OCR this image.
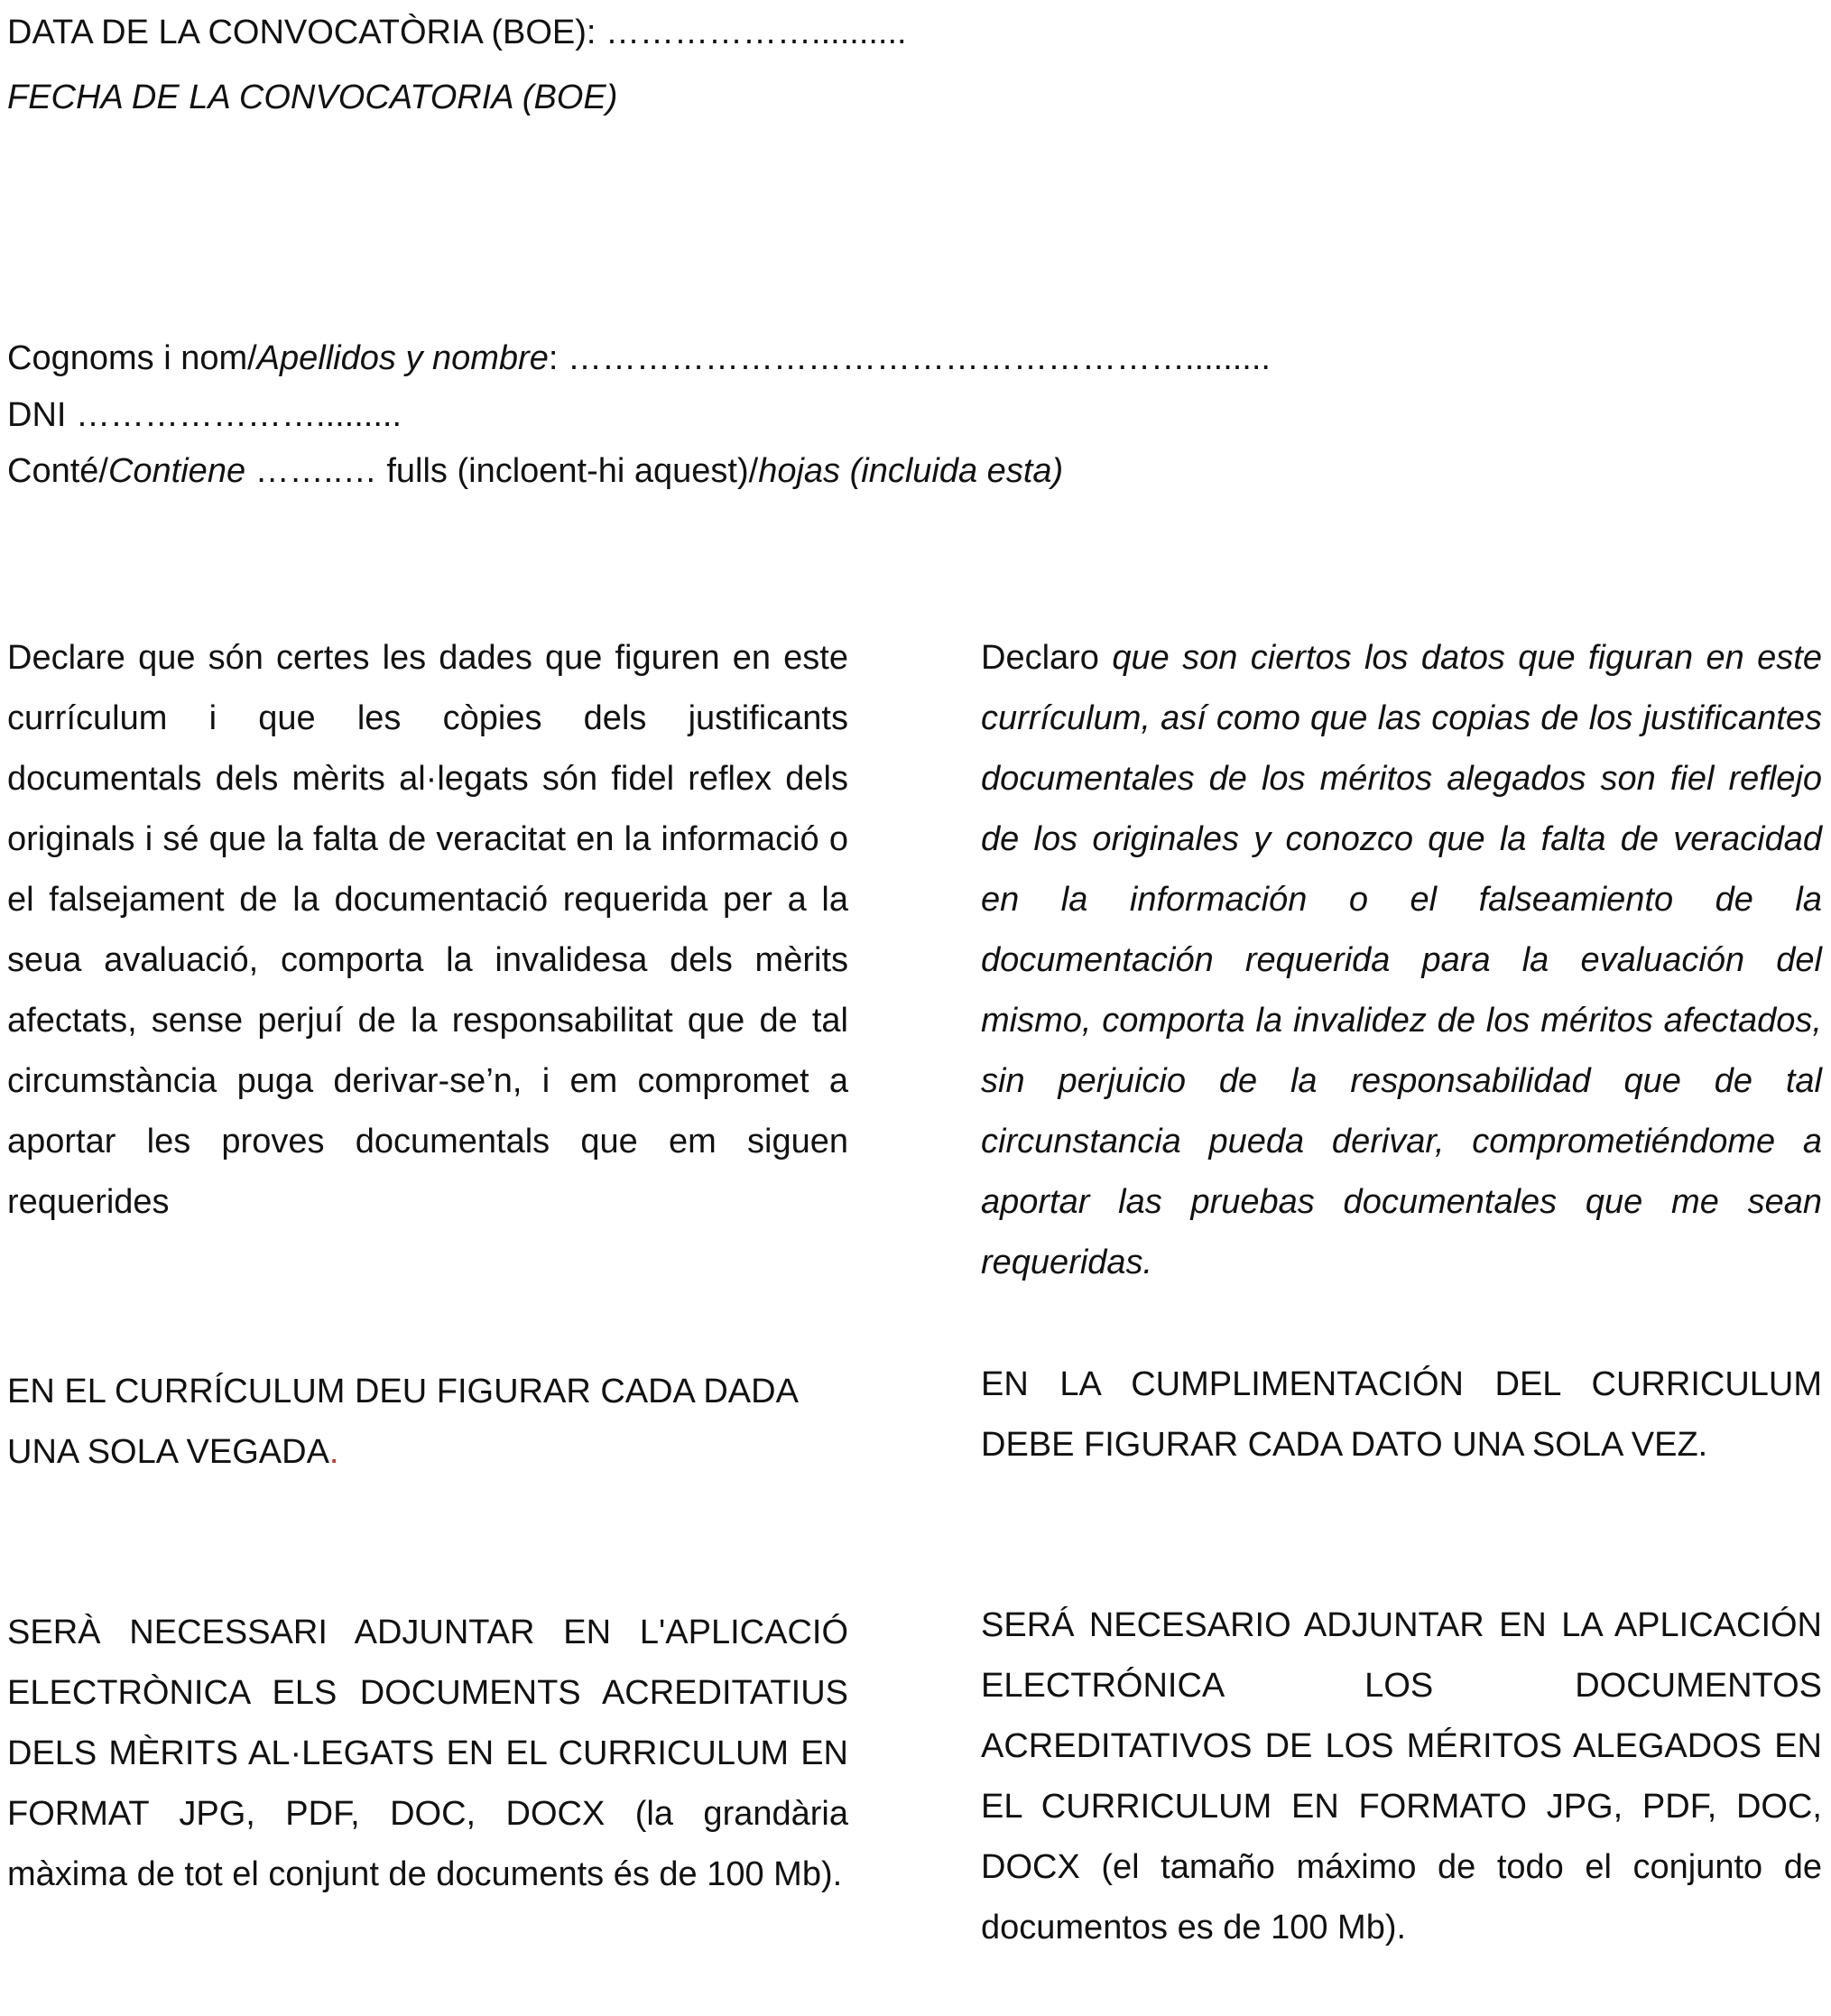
DATA DE LA CONVOCATÒRIA (BOE): ………………..........
FECHA DE LA CONVOCATORIA (BOE)
Cognoms i nom/Apellidos y nombre: ……………………………………………….........
DNI ………………….........
Conté/Contiene ……..… fulls (incloent-hi aquest)/hojas (incluida esta)

Declare que són certes les dades que figuren en este currículum i que les còpies dels justificants documentals dels mèrits al·legats són fidel reflex dels originals i sé que la falta de veracitat en la informació o el falsejament de la documentació requerida per a la seua avaluació, comporta la invalidesa dels mèrits afectats, sense perjuí de la responsabilitat que de tal circumstància puga derivar-se’n, i em compromet a aportar les proves documentals que em siguen requerides

Declaro que son ciertos los datos que figuran en este currículum, así como que las copias de los justificantes documentales de los méritos alegados son fiel reflejo de los originales y conozco que la falta de veracidad en la información o el falseamiento de la documentación requerida para la evaluación del mismo, comporta la invalidez de los méritos afectados, sin perjuicio de la responsabilidad que de tal circunstancia pueda derivar, comprometiéndome a aportar las pruebas documentales que me sean requeridas.

EN EL CURRÍCULUM DEU FIGURAR CADA DADA UNA SOLA VEGADA.

EN LA CUMPLIMENTACIÓN DEL CURRICULUM DEBE FIGURAR CADA DATO UNA SOLA VEZ.

SERÀ NECESSARI ADJUNTAR EN L'APLICACIÓ ELECTRÒNICA ELS DOCUMENTS ACREDITATIUS DELS MÈRITS AL·LEGATS EN EL CURRICULUM EN FORMAT JPG, PDF, DOC, DOCX (la grandària màxima de tot el conjunt de documents és de 100 Mb).

SERÁ NECESARIO ADJUNTAR EN LA APLICACIÓN ELECTRÓNICA LOS DOCUMENTOS ACREDITATIVOS DE LOS MÉRITOS ALEGADOS EN EL CURRICULUM EN FORMATO JPG, PDF, DOC, DOCX (el tamaño máximo de todo el conjunto de documentos es de 100 Mb).
